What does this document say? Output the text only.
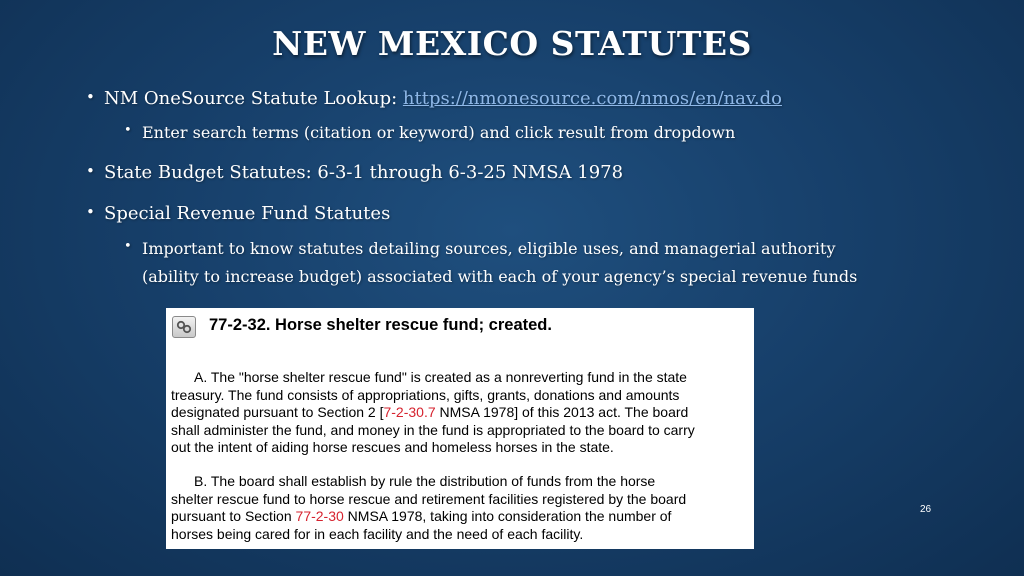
NEW MEXICO STATUTES
• NM OneSource Statute Lookup: https://nmonesource.com/nmos/en/nav.do
• Enter search terms (citation or keyword) and click result from dropdown
• State Budget Statutes: 6-3-1 through 6-3-25 NMSA 1978
• Special Revenue Fund Statutes
• Important to know statutes detailing sources, eligible uses, and managerial authority
(ability to increase budget) associated with each of your agency’s special revenue funds
77-2-32. Horse shelter rescue fund; created.
A. The "horse shelter rescue fund" is created as a nonreverting fund in the state
treasury. The fund consists of appropriations, gifts, grants, donations and amounts
designated pursuant to Section 2 [7-2-30.7 NMSA 1978] of this 2013 act. The board
shall administer the fund, and money in the fund is appropriated to the board to carry
out the intent of aiding horse rescues and homeless horses in the state.
B. The board shall establish by rule the distribution of funds from the horse
shelter rescue fund to horse rescue and retirement facilities registered by the board
pursuant to Section 77-2-30 NMSA 1978, taking into consideration the number of
horses being cared for in each facility and the need of each facility.
26
